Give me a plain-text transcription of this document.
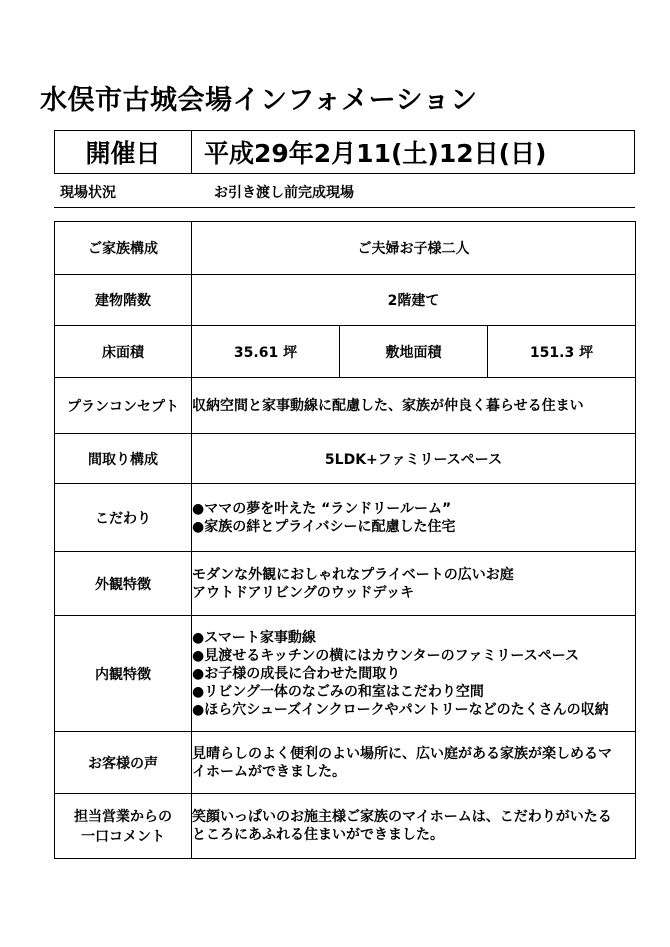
水俣市古城会場インフォメーション
開催日	平成29年2月11(土)12日(日)
現場状況	お引き渡し前完成現場
ご家族構成	ご夫婦お子様二人		
建物階数	2階建て		
床面積	35.61 坪	敷地面積	151.3 坪
プランコンセプト	収納空間と家事動線に配慮した、家族が仲良く暮らせる住まい		
間取り構成	5LDK+ファミリースペース		
こだわり	●ママの夢を叶えた “ランドリールーム”
●家族の絆とプライバシーに配慮した住宅		

外観特徴	モダンな外観におしゃれなプライベートの広いお庭
アウトドアリビングのウッドデッキ		

内観特徴	●スマート家事動線
●見渡せるキッチンの横にはカウンターのファミリースペース
●お子様の成長に合わせた間取り
●リビング一体のなごみの和室はこだわり空間
●ほら穴シューズインクロークやパントリーなどのたくさんの収納		

お客様の声	見晴らしのよく便利のよい場所に、広い庭がある家族が楽しめるマ
イホームができました。		

担当営業からの
一口コメント	笑顔いっぱいのお施主様ご家族のマイホームは、こだわりがいたる
ところにあふれる住まいができました。		
